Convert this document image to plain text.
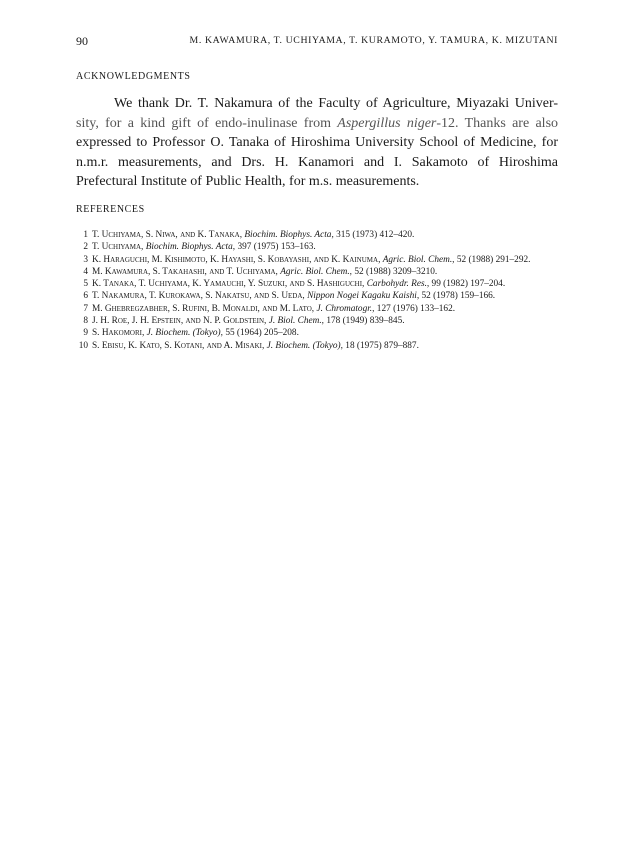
90	M. KAWAMURA, T. UCHIYAMA, T. KURAMOTO, Y. TAMURA, K. MIZUTANI
ACKNOWLEDGMENTS

We thank Dr. T. Nakamura of the Faculty of Agriculture, Miyazaki Univer-
sity, for a kind gift of endo-inulinase from Aspergillus niger-12. Thanks are also
expressed to Professor O. Tanaka of Hiroshima University School of Medicine, for
n.m.r. measurements, and Drs. H. Kanamori and I. Sakamoto of Hiroshima
Prefectural Institute of Public Health, for m.s. measurements.

REFERENCES
1 T. Uchiyama, S. Niwa, and K. Tanaka, Biochim. Biophys. Acta, 315 (1973) 412–420.
2 T. Uchiyama, Biochim. Biophys. Acta, 397 (1975) 153–163.
3 K. Haraguchi, M. Kishimoto, K. Hayashi, S. Kobayashi, and K. Kainuma, Agric. Biol. Chem., 52 (1988) 291–292.
4 M. Kawamura, S. Takahashi, and T. Uchiyama, Agric. Biol. Chem., 52 (1988) 3209–3210.
5 K. Tanaka, T. Uchiyama, K. Yamauchi, Y. Suzuki, and S. Hashiguchi, Carbohydr. Res., 99 (1982) 197–204.
6 T. Nakamura, T. Kurokawa, S. Nakatsu, and S. Ueda, Nippon Nogei Kagaku Kaishi, 52 (1978) 159–166.
7 M. Ghebregzabher, S. Rufini, B. Monaldi, and M. Lato, J. Chromatogr., 127 (1976) 133–162.
8 J. H. Roe, J. H. Epstein, and N. P. Goldstein, J. Biol. Chem., 178 (1949) 839–845.
9 S. Hakomori, J. Biochem. (Tokyo), 55 (1964) 205–208.
10 S. Ebisu, K. Kato, S. Kotani, and A. Misaki, J. Biochem. (Tokyo), 18 (1975) 879–887.
